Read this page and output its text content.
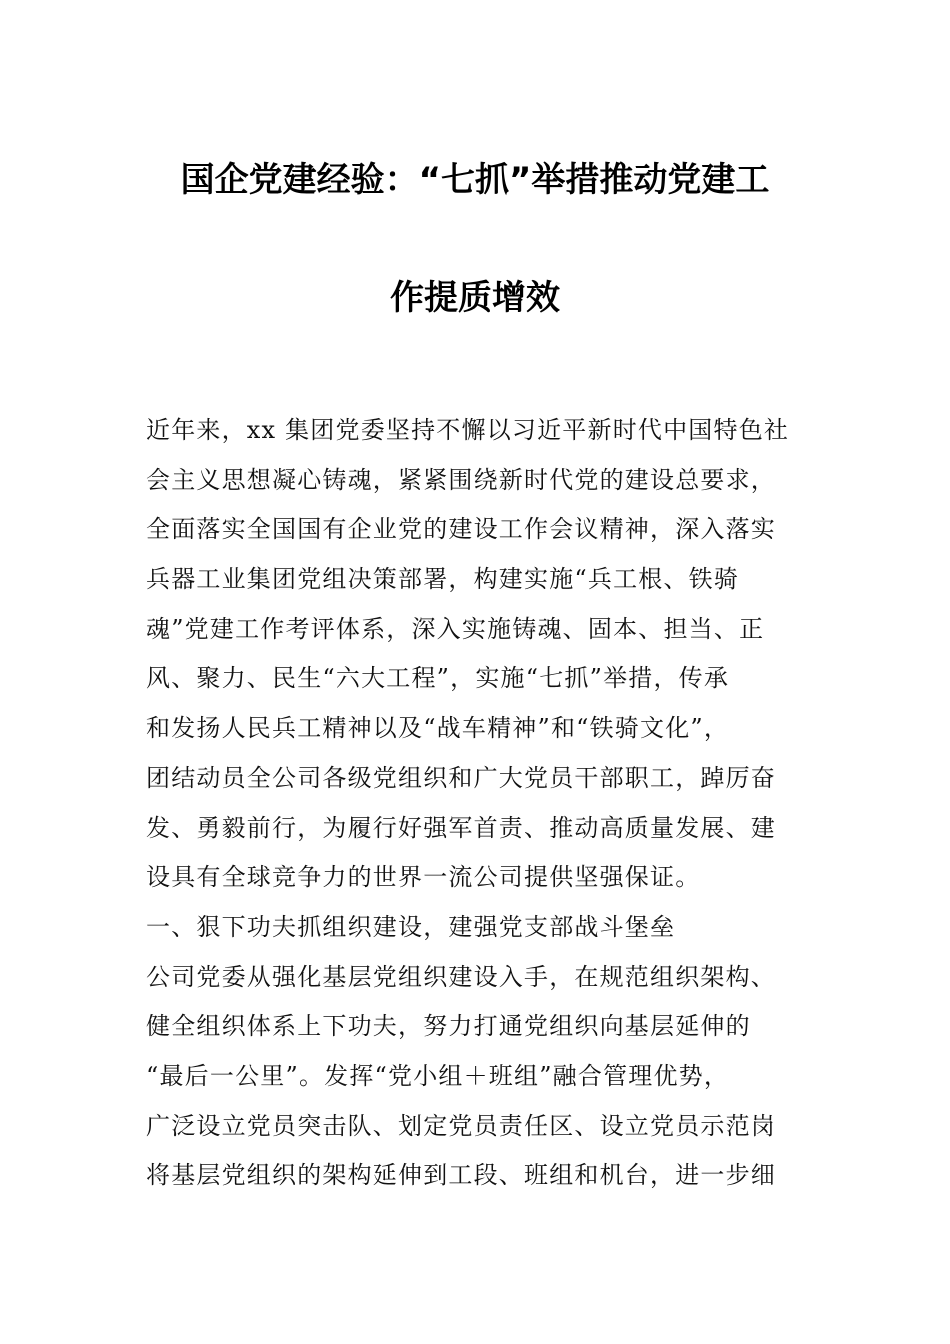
国企党建经验：“七抓”举措推动党建工
作提质增效
近年来，xx 集团党委坚持不懈以习近平新时代中国特色社
会主义思想凝心铸魂，紧紧围绕新时代党的建设总要求，
全面落实全国国有企业党的建设工作会议精神，深入落实
兵器工业集团党组决策部署，构建实施“兵工根、铁骑
魂”党建工作考评体系，深入实施铸魂、固本、担当、正
风、聚力、民生“六大工程”，实施“七抓”举措，传承
和发扬人民兵工精神以及“战车精神”和“铁骑文化”，
团结动员全公司各级党组织和广大党员干部职工，踔厉奋
发、勇毅前行，为履行好强军首责、推动高质量发展、建
设具有全球竞争力的世界一流公司提供坚强保证。
一、狠下功夫抓组织建设，建强党支部战斗堡垒
公司党委从强化基层党组织建设入手，在规范组织架构、
健全组织体系上下功夫，努力打通党组织向基层延伸的
“最后一公里”。发挥“党小组＋班组”融合管理优势，
广泛设立党员突击队、划定党员责任区、设立党员示范岗
将基层党组织的架构延伸到工段、班组和机台，进一步细
